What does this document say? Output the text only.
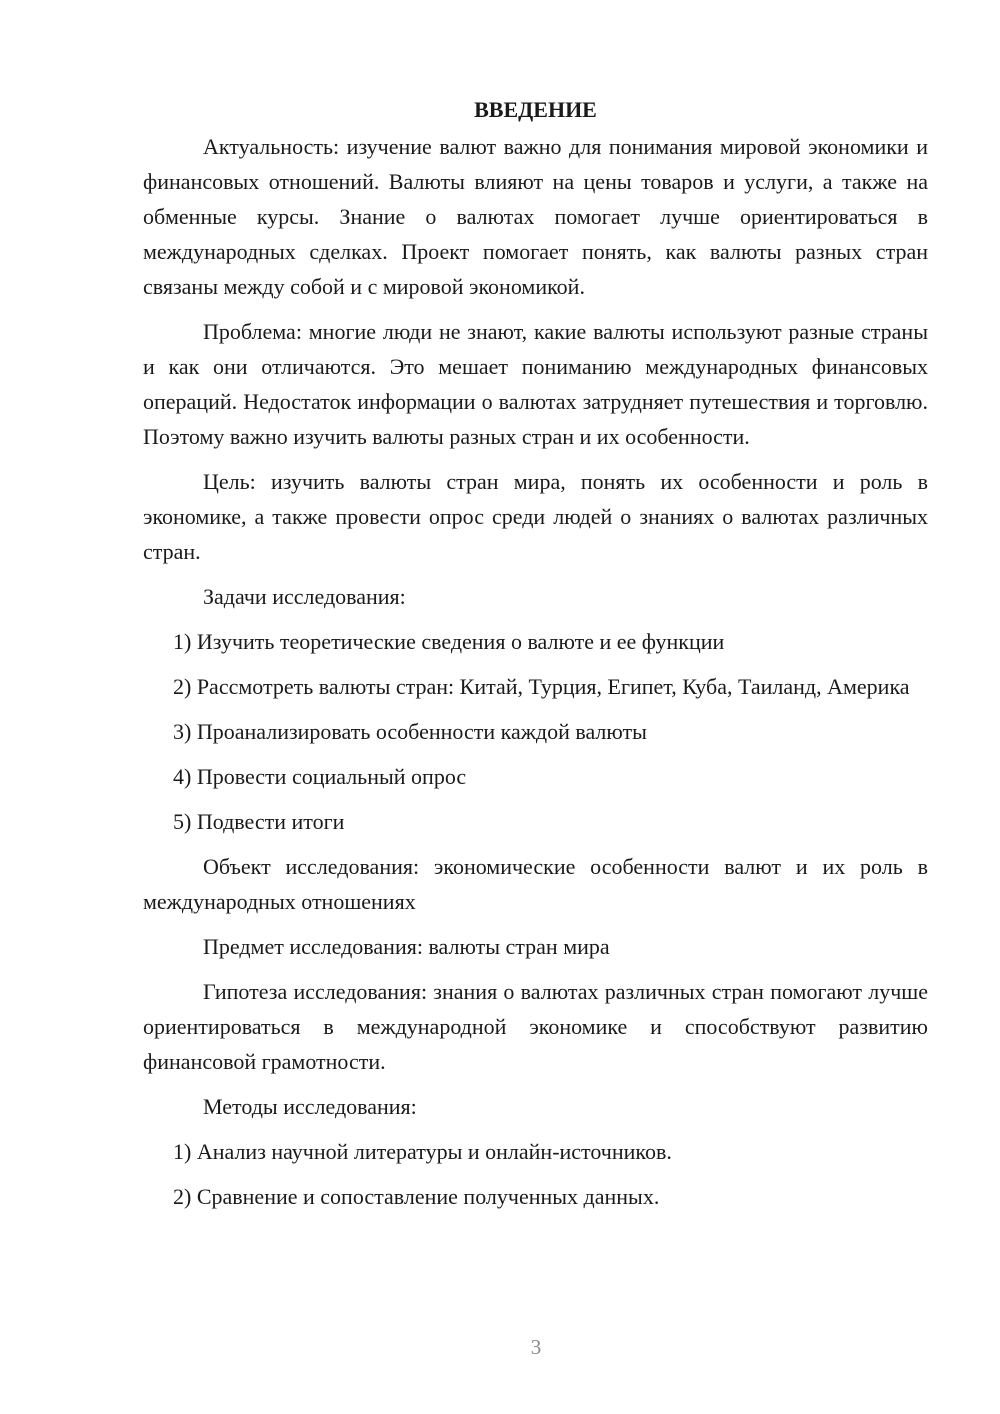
ВВЕДЕНИЕ

Актуальность: изучение валют важно для понимания мировой экономики и финансовых отношений. Валюты влияют на цены товаров и услуги, а также на обменные курсы. Знание о валютах помогает лучше ориентироваться в международных сделках. Проект помогает понять, как валюты разных стран связаны между собой и с мировой экономикой.

Проблема: многие люди не знают, какие валюты используют разные страны и как они отличаются. Это мешает пониманию международных финансовых операций. Недостаток информации о валютах затрудняет путешествия и торговлю. Поэтому важно изучить валюты разных стран и их особенности.

Цель: изучить валюты стран мира, понять их особенности и роль в экономике, а также провести опрос среди людей о знаниях о валютах различных стран.

Задачи исследования:

1) Изучить теоретические сведения о валюте и ее функции

2) Рассмотреть валюты стран: Китай, Турция, Египет, Куба, Таиланд, Америка

3) Проанализировать особенности каждой валюты

4) Провести социальный опрос

5) Подвести итоги

Объект исследования: экономические особенности валют и их роль в международных отношениях

Предмет исследования: валюты стран мира

Гипотеза исследования: знания о валютах различных стран помогают лучше ориентироваться в международной экономике и способствуют развитию финансовой грамотности.

Методы исследования:

1) Анализ научной литературы и онлайн-источников.

2) Сравнение и сопоставление полученных данных.

3
